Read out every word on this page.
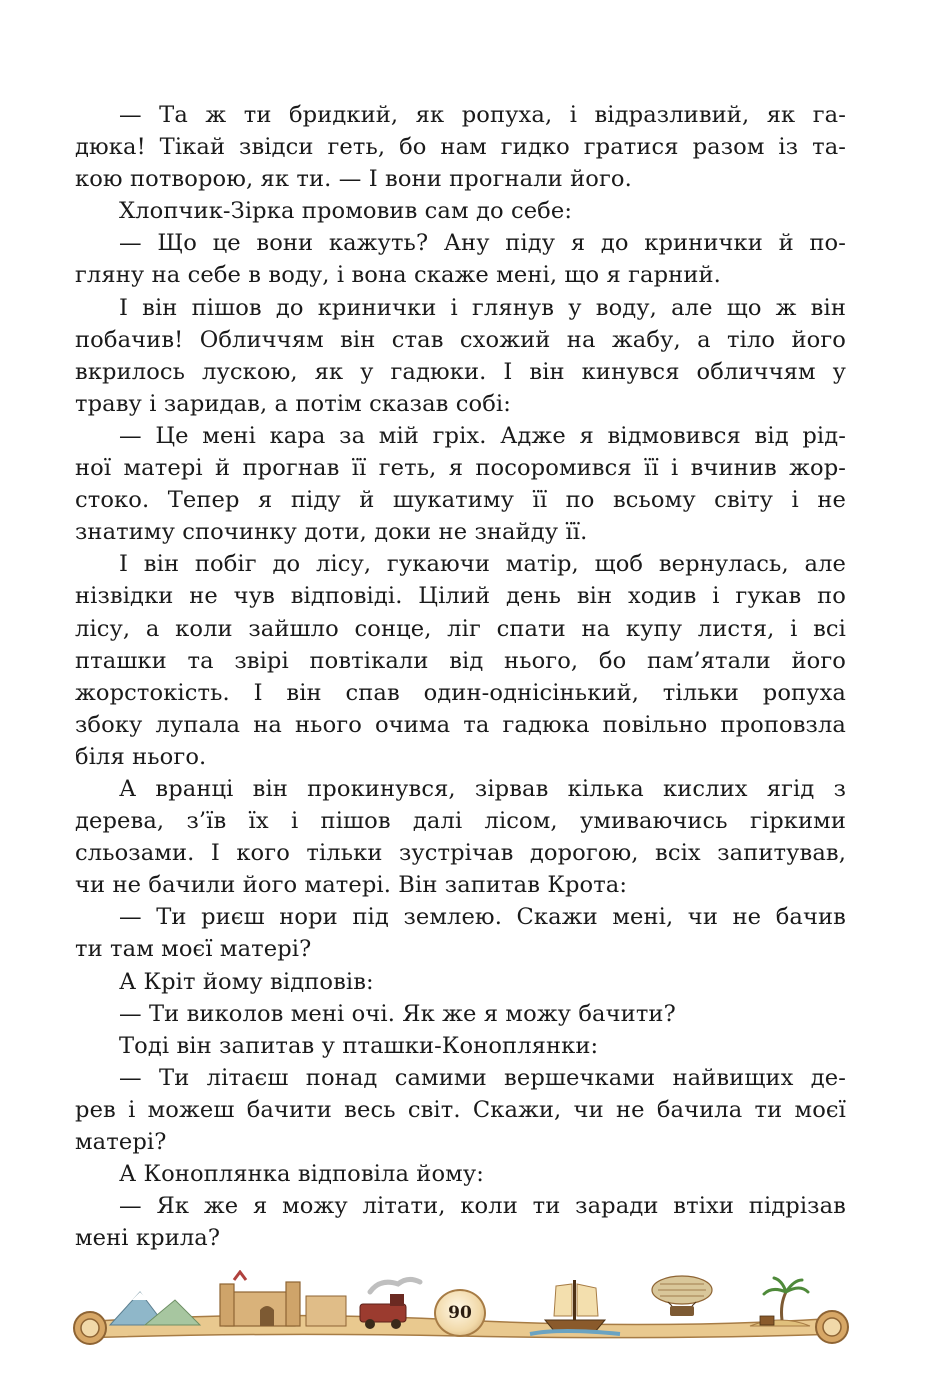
— Та ж ти бридкий, як ропуха, і відразливий, як га-
дюка! Тікай звідси геть, бо нам гидко гратися разом із та-
кою потворою, як ти. — І вони прогнали його.
Хлопчик-Зірка промовив сам до себе:
— Що це вони кажуть? Ану піду я до кринички й по-
гляну на себе в воду, і вона скаже мені, що я гарний.
І він пішов до кринички і глянув у воду, але що ж він
побачив! Обличчям він став схожий на жабу, а тіло його
вкрилось лускою, як у гадюки. І він кинувся обличчям у
траву і заридав, а потім сказав собі:
— Це мені кара за мій гріх. Адже я відмовився від рід-
ної матері й прогнав її геть, я посоромився її і вчинив жор-
стоко. Тепер я піду й шукатиму її по всьому світу і не
знатиму спочинку доти, доки не знайду її.
І він побіг до лісу, гукаючи матір, щоб вернулась, але
нізвідки не чув відповіді. Цілий день він ходив і гукав по
лісу, а коли зайшло сонце, ліг спати на купу листя, і всі
пташки та звірі повтікали від нього, бо пам’ятали його
жорстокість. І він спав один-однісінький, тільки ропуха
збоку лупала на нього очима та гадюка повільно проповзла
біля нього.
А вранці він прокинувся, зірвав кілька кислих ягід з
дерева, з’їв їх і пішов далі лісом, умиваючись гіркими
сльозами. І кого тільки зустрічав дорогою, всіх запитував,
чи не бачили його матері. Він запитав Крота:
— Ти риєш нори під землею. Скажи мені, чи не бачив
ти там моєї матері?
А Кріт йому відповів:
— Ти виколов мені очі. Як же я можу бачити?
Тоді він запитав у пташки-Коноплянки:
— Ти літаєш понад самими вершечками найвищих де-
рев і можеш бачити весь світ. Скажи, чи не бачила ти моєї
матері?
А Коноплянка відповіла йому:
— Як же я можу літати, коли ти заради втіхи підрізав
мені крила?
90
